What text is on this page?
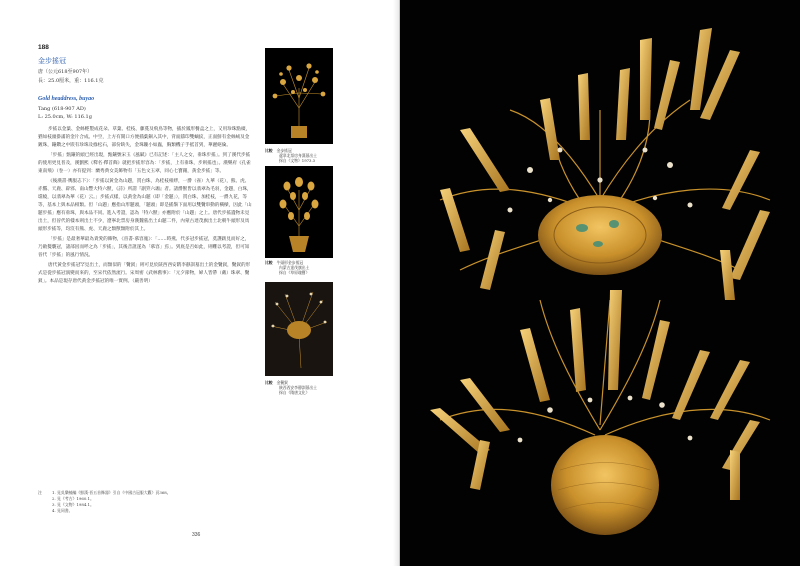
188
金步搖冠
唐（公元618至907年）
長：25.0厘米，重：116.1克
Gold headdress, buyao
Tang (618-907 AD)
L: 25.0cm, W: 116.1g

步搖以金葉、金絲輕製成花朵、草葉、桂枝、藤蔓及飛鳥等物，插於鳳形餐盒之上，又用珍珠點綴，猶如枝頭掛滿的金片合成。中空，上方有開口方便插葉銅入其中，背面鑄印雙螭紋，正面鮮有金絲絨及金鍍珠，鑲鑽之中嵌有珍珠及綠松石，部份缺失，金珠鏤小如蟲，胸類機子手抵首到，華麗絕倫。

「步搖」甄鑲的頭已經出現，甄鑲號宋玉《風賦》已有記述：「主人之女，垂珠步搖」。到了漢代步搖的使用更見普及，漢劉熙《釋名·釋首飾》就把步搖形容為：「步搖，上有垂珠，步則搖也」。漢樂府《孔雀東南飛》（卷一）亦有提到：蘭秀典女美飾物有「五色文玉翠，同心七寶鈿，黃金步搖」等。

《後漢書·輿服志下》：「步搖以黃金為山題，貫白珠，為桂枝相繆，一爵（雀）九華（花），熊、虎、赤羆、天鹿、辟邪、南山豐大特六獸，《詩》所謂『副笄六珈』者。諸爵獸皆以翡翠為毛羽，金題，白珠，璫繞，以翡翠為華（花）云。」步搖式樣，以黃金為山題（即「金題」），貫白珠，加桂枝，一爵九花，等等，基本上與本品相類。但「山題」應指山形題頭，「題頭」即是插鬚下面用以雙鬢串動的橫樑，因此「山題步搖」應有垂珠，與本品不同。進入考證，認為「特六獸」亦應附於「山題」之上。唐代步搖遺物未見出土，但晉代的樣本則出土不少，遼寧北票房身漢魏墓出土山題二件，內蒙古達茂旗出土北朝牛頭形及馬頭形步搖等，均沒有熊、虎、天鹿之類獸類附於其上。

「步搖」是最奢華最為貴愛的飾物，《晉書·慕容廆》：「……時燕、代多冠步搖冠，莫護跋見而好之，乃斂髮襲冠，諸部因而呼之為「步搖」，其後音訛遂為「慕容」焉」。到底是否如此，則難以考證，但可知晉代「步搖」的風行情況。

唐代黃金步搖冠罕見出土，而類似的「鬢釵」則可見於陝西西安隋李靜訓墓出土的金鬢釵，鬢釵的形式是從步搖冠演變而來的，至宋代依然流行。宋周密《武林舊事》：「元夕節物，婦人皆帶（戴）珠翠、鬢釵」。本品是現存唐代黃金步搖冠的唯一實例。（嚴善明）

注	1. 見吳樂楠編《鮮漢·晉五首飾器》引自《中國古冠服大觀》頁368。
2. 見《考古》1960.1。
3. 見《文物》1984.1。
4. 見同書。
336
比較 金步搖冠
遼寧北票房身漢墓出土
採自《文物》1973.3
比較 牛頭形金步搖冠
內蒙古達茂旗出土
採自《草原瑰寶》
比較 金鬢釵
陝西西安李靜訓墓出土
採自《隋唐文化》
